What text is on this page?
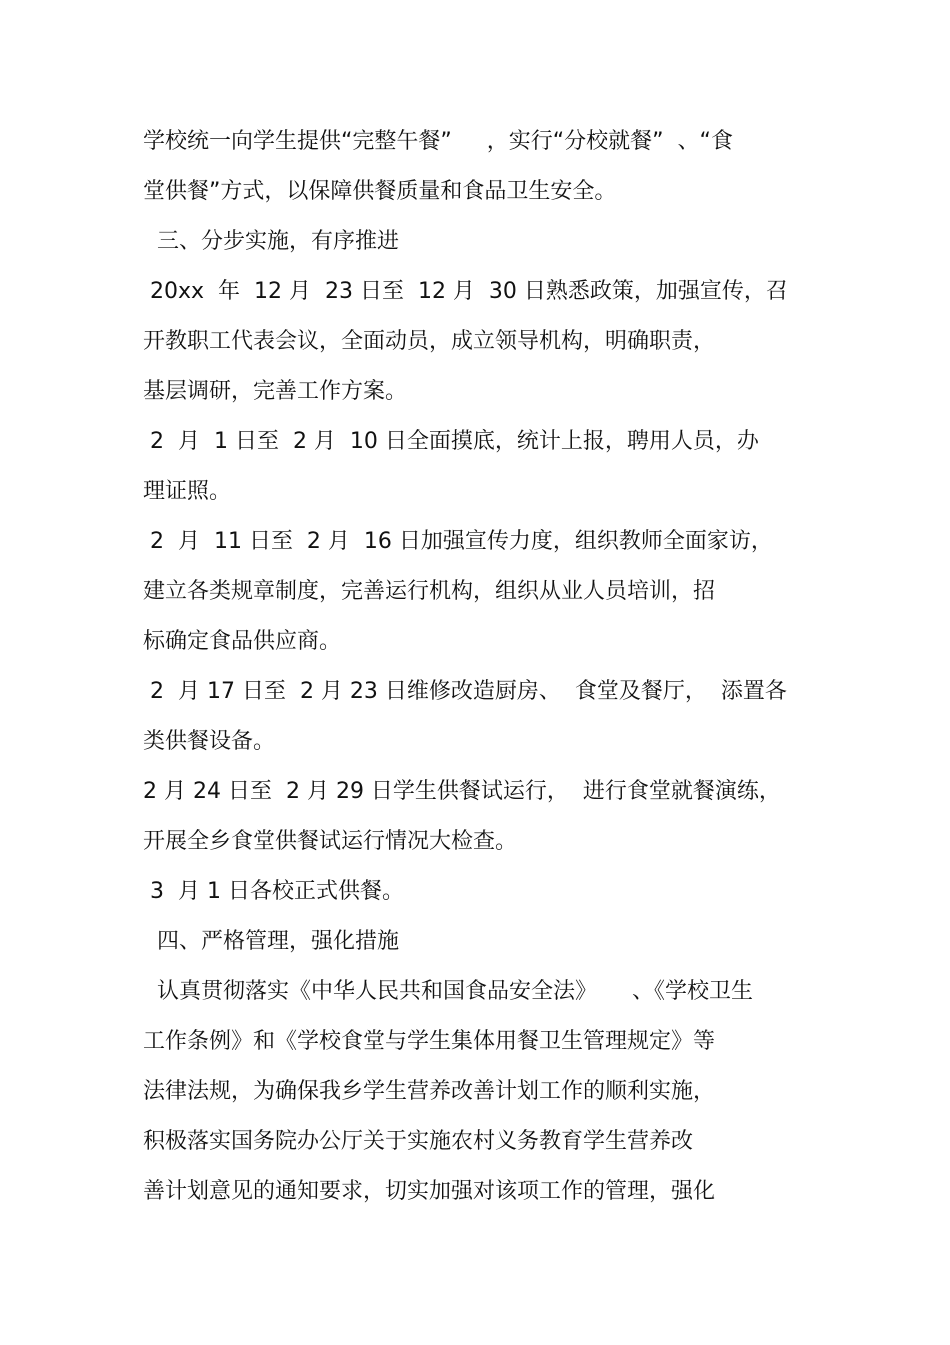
学校统一向学生提供“完整午餐”     ，实行“分校就餐”  、“食
堂供餐”方式，以保障供餐质量和食品卫生安全。
三、分步实施，有序推进
20xx  年  12 月  23 日至  12 月  30 日熟悉政策，加强宣传，召
开教职工代表会议，全面动员，成立领导机构，明确职责，
基层调研，完善工作方案。
2  月  1 日至  2 月  10 日全面摸底，统计上报，聘用人员，办
理证照。
2  月  11 日至  2 月  16 日加强宣传力度，组织教师全面家访，
建立各类规章制度，完善运行机构，组织从业人员培训，招
标确定食品供应商。
2  月 17 日至  2 月 23 日维修改造厨房、  食堂及餐厅，  添置各
类供餐设备。
2 月 24 日至  2 月 29 日学生供餐试运行，  进行食堂就餐演练，
开展全乡食堂供餐试运行情况大检查。
3  月 1 日各校正式供餐。
四、严格管理，强化措施
认真贯彻落实《中华人民共和国食品安全法》     、《学校卫生
工作条例》和《学校食堂与学生集体用餐卫生管理规定》等
法律法规，为确保我乡学生营养改善计划工作的顺利实施，
积极落实国务院办公厅关于实施农村义务教育学生营养改
善计划意见的通知要求，切实加强对该项工作的管理，强化
